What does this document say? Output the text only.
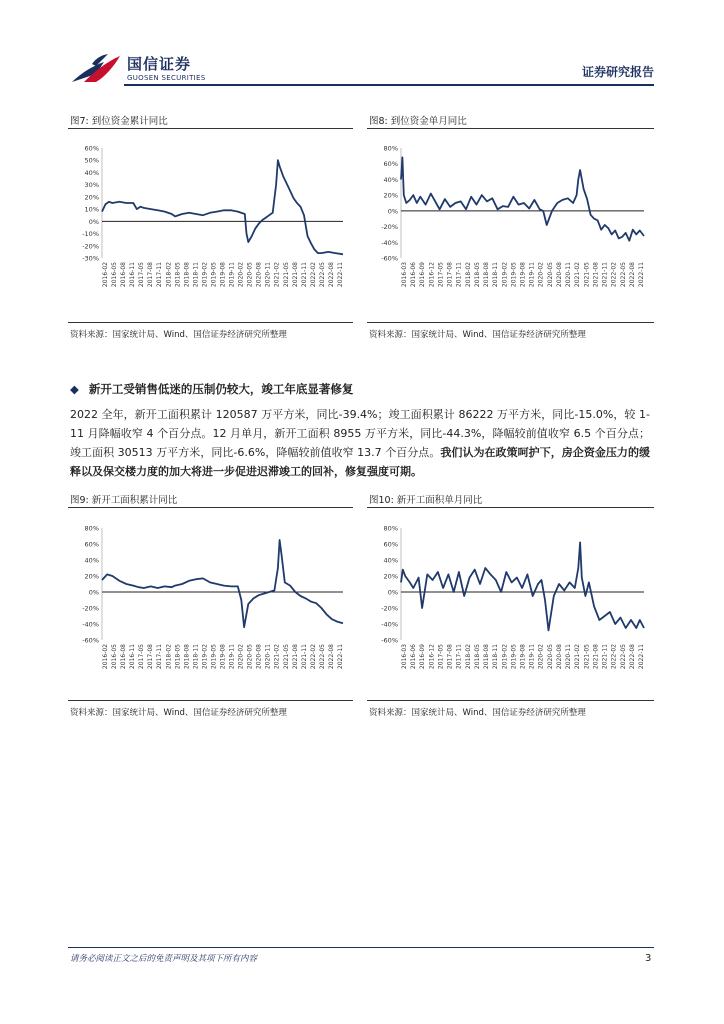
国信证券
GUOSEN SECURITIES	证券研究报告
图7: 到位资金累计同比	图8: 到位资金单月同比
60%
50%
40%
30%
20%
10%
0%
-10%
-20%
-30%
2016-02 2016-05 2016-08 2016-11 2017-05 2017-08 2017-11 2018-02 2018-05 2018-08 2018-11 2019-02 2019-05 2019-08 2019-11 2020-02 2020-05 2020-08 2020-11 2021-02 2021-05 2021-08 2021-11 2022-02 2022-05 2022-08 2022-11
80%
60%
40%
20%
0%
-20%
-40%
-60%
2016-03 2016-06 2016-09 2016-12 2017-05 2017-08 2017-11 2018-02 2018-05 2018-08 2018-11 2019-02 2019-05 2019-08 2019-11 2020-02 2020-05 2020-08 2020-11 2021-02 2021-05 2021-08 2021-11 2022-02 2022-05 2022-08 2022-11
资料来源：国家统计局、Wind、国信证券经济研究所整理	资料来源：国家统计局、Wind、国信证券经济研究所整理
◆ 新开工受销售低迷的压制仍较大，竣工年底显著修复
2022 全年，新开工面积累计 120587 万平方米，同比-39.4%；竣工面积累计 86222 万平方米，同比-15.0%，较 1-11 月降幅收窄 4 个百分点。12 月单月，新开工面积 8955 万平方米，同比-44.3%，降幅较前值收窄 6.5 个百分点；竣工面积 30513 万平方米，同比-6.6%，降幅较前值收窄 13.7 个百分点。我们认为在政策呵护下，房企资金压力的缓释以及保交楼力度的加大将进一步促进迟滞竣工的回补，修复强度可期。
图9: 新开工面积累计同比	图10: 新开工面积单月同比
80%
60%
40%
20%
0%
-20%
-40%
-60%
2016-02 2016-05 2016-08 2016-11 2017-05 2017-08 2017-11 2018-02 2018-05 2018-08 2018-11 2019-02 2019-05 2019-08 2019-11 2020-02 2020-05 2020-08 2020-11 2021-02 2021-05 2021-08 2021-11 2022-02 2022-05 2022-08 2022-11
80%
60%
40%
20%
0%
-20%
-40%
-60%
2016-03 2016-06 2016-09 2016-12 2017-05 2017-08 2017-11 2018-02 2018-05 2018-08 2018-11 2019-02 2019-05 2019-08 2019-11 2020-02 2020-05 2020-08 2020-11 2021-02 2021-05 2021-08 2021-11 2022-02 2022-05 2022-08 2022-11
资料来源：国家统计局、Wind、国信证券经济研究所整理	资料来源：国家统计局、Wind、国信证券经济研究所整理
请务必阅读正文之后的免责声明及其项下所有内容	3
